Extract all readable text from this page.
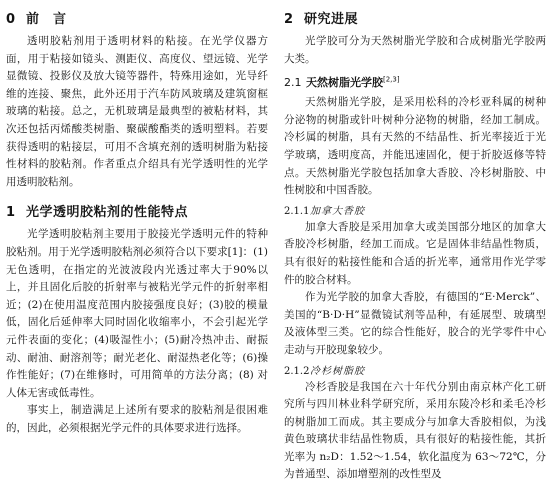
0 前　言

透明胶粘剂用于透明材料的粘接。在光学仪器方面，用于粘接如镜头、测距仪、高度仪、望远镜、光学显微镜、投影仪及放大镜等器件，特殊用途如，光导纤维的连接、聚焦，此外还用于汽车防风玻璃及建筑窗框玻璃的粘接。总之，无机玻璃是最典型的被粘材料，其次还包括丙烯酸类树脂、聚碳酸酯类的透明塑料。若要获得透明的粘接层，可用不含填充剂的透明树脂为粘接性材料的胶粘剂。作者重点介绍具有光学透明性的光学用透明胶粘剂。

1 光学透明胶粘剂的性能特点

光学透明胶粘剂主要用于胶接光学透明元件的特种胶粘剂。用于光学透明胶粘剂必须符合以下要求[1]：(1)无色透明，在指定的光波波段内光透过率大于90%以上，并且固化后胶的折射率与被粘光学元件的折射率相近；(2)在使用温度范围内胶接强度良好；(3)胶的模量低，固化后延伸率大同时固化收缩率小，不会引起光学元件表面的变化；(4)吸湿性小；(5)耐冷热冲击、耐振动、耐油、耐溶剂等；耐光老化、耐湿热老化等；(6)操作性能好；(7)在维修时，可用简单的方法分离；(8) 对人体无害或低毒性。

事实上，制造满足上述所有要求的胶粘剂是很困难的，因此，必须根据光学元件的具体要求进行选择。

2 研究进展

光学胶可分为天然树脂光学胶和合成树脂光学胶两大类。

2.1 天然树脂光学胶[2,3]

天然树脂光学胶，是采用松科的冷杉亚科属的树种分泌物的树脂或针叶树种分泌物的树脂，经加工制成。冷杉属的树脂，具有天然的不结晶性、折光率接近于光学玻璃，透明度高，并能迅速固化，便于折胶返修等特点。天然树脂光学胶包括加拿大香胶、冷杉树脂胶、中性树胶和中国香胶。

2.1.1加拿大香胶

加拿大香胶是采用加拿大或美国部分地区的加拿大香胶冷杉树脂，经加工而成。它是固体非结晶性物质，具有很好的粘接性能和合适的折光率，通常用作光学零件的胶合材料。

作为光学胶的加拿大香胶，有德国的“E·Merck”、美国的“B·D·H”显微镜试剂等品种，有延展型、玻璃型及液体型三类。它的综合性能好，胶合的光学零件中心走动与开胶现象较少。

2.1.2冷杉树脂胶

冷杉香胶是我国在六十年代分别由南京林产化工研究所与四川林业科学研究所，采用东陵冷杉和柔毛冷杉的树脂加工而成。其主要成分与加拿大香胶相似，为浅黄色玻璃状非结晶性物质，具有很好的粘接性能，其折光率为 n₂D：1.52～1.54，软化温度为 63～72℃，分为普通型、添加增塑剂的改性型及
